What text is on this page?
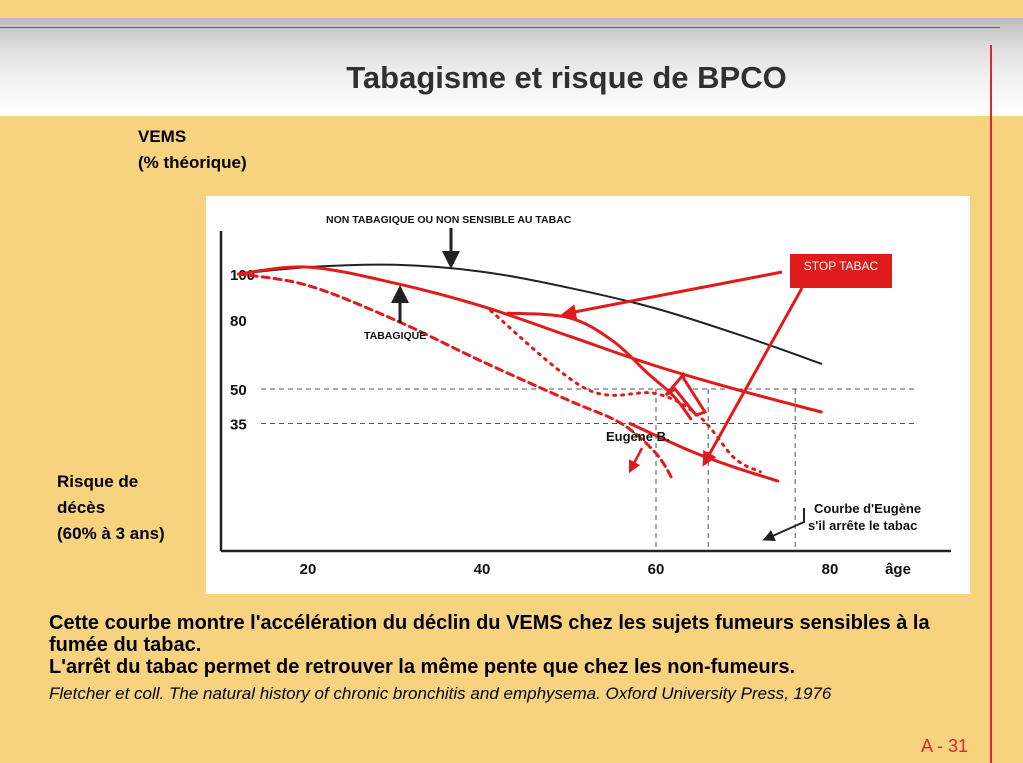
Tabagisme et risque de BPCO
VEMS
(% théorique)
Risque de
décès
(60% à 3 ans)
100
80
50
35
20	40	60	80	âge
NON TABAGIQUE OU NON SENSIBLE AU TABAC
TABAGIQUE
Eugène B.
Courbe d'Eugène
s'il arrête le tabac
STOP TABAC
Cette courbe montre l'accélération du déclin du VEMS chez les sujets fumeurs sensibles à la fumée du tabac.
L'arrêt du tabac permet de retrouver la même pente que chez les non-fumeurs.
Fletcher et coll. The natural history of chronic bronchitis and emphysema. Oxford University Press, 1976
A - 31
